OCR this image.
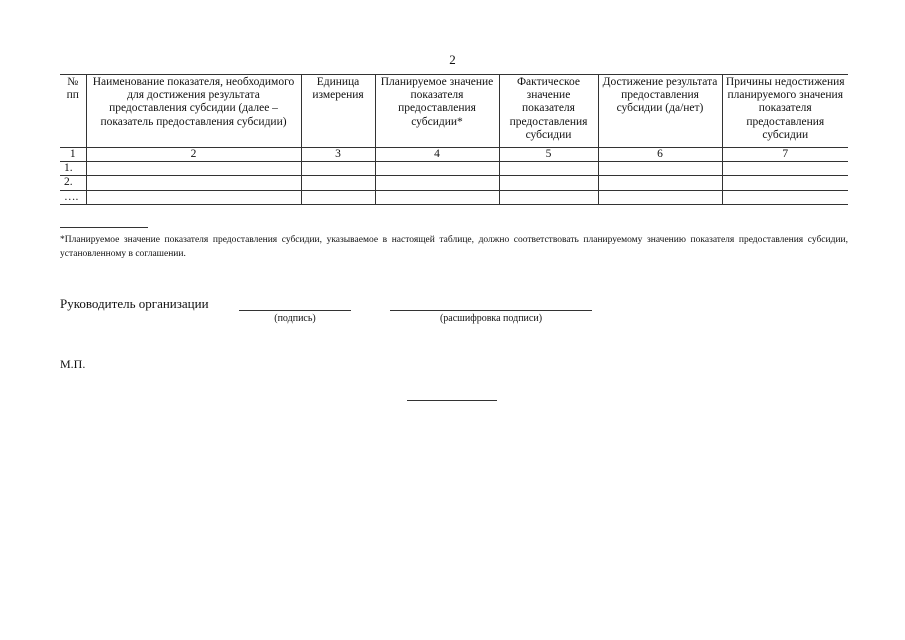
2
№ пп	Наименование показателя, необходимого для достижения результата предоставления субсидии (далее – показатель предоставления субсидии)	Единица измерения	Планируемое значение показателя предоставления субсидии*	Фактическое значение показателя предоставления субсидии	Достижение результата предоставления субсидии (да/нет)	Причины недостижения планируемого значения показателя предоставления субсидии
1	2	3	4	5	6	7
1.						
2.						
….						
*Планируемое значение показателя предоставления субсидии, указываемое в настоящей таблице, должно соответствовать планируемому значению показателя предоставления субсидии, установленному в соглашении.
Руководитель организации
(подпись)	(расшифровка подписи)
М.П.
